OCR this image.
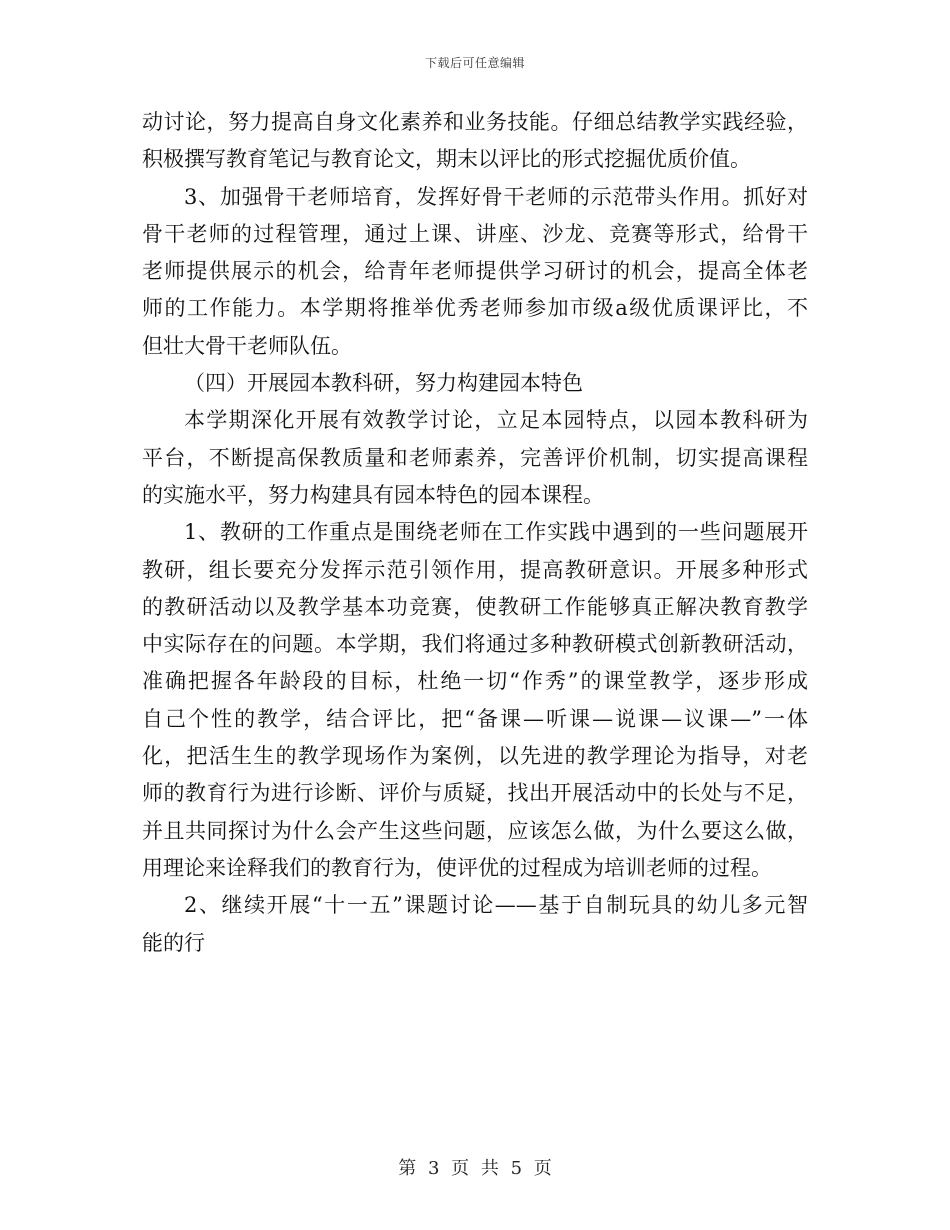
下载后可任意编辑
动讨论，努力提高自身文化素养和业务技能。仔细总结教学实践经验，
积极撰写教育笔记与教育论文，期末以评比的形式挖掘优质价值。
3、加强骨干老师培育，发挥好骨干老师的示范带头作用。抓好对
骨干老师的过程管理，通过上课、讲座、沙龙、竞赛等形式，给骨干
老师提供展示的机会，给青年老师提供学习研讨的机会，提高全体老
师的工作能力。本学期将推举优秀老师参加市级a级优质课评比，不
但壮大骨干老师队伍。
（四）开展园本教科研，努力构建园本特色
本学期深化开展有效教学讨论，立足本园特点，以园本教科研为
平台，不断提高保教质量和老师素养，完善评价机制，切实提高课程
的实施水平，努力构建具有园本特色的园本课程。
1、教研的工作重点是围绕老师在工作实践中遇到的一些问题展开
教研，组长要充分发挥示范引领作用，提高教研意识。开展多种形式
的教研活动以及教学基本功竞赛，使教研工作能够真正解决教育教学
中实际存在的问题。本学期，我们将通过多种教研模式创新教研活动，
准确把握各年龄段的目标，杜绝一切“作秀”的课堂教学，逐步形成
自己个性的教学，结合评比，把“备课—听课—说课—议课—”一体
化，把活生生的教学现场作为案例，以先进的教学理论为指导，对老
师的教育行为进行诊断、评价与质疑，找出开展活动中的长处与不足，
并且共同探讨为什么会产生这些问题，应该怎么做，为什么要这么做，
用理论来诠释我们的教育行为，使评优的过程成为培训老师的过程。
2、继续开展“十一五”课题讨论——基于自制玩具的幼儿多元智
能的行
第 3 页 共 5 页
